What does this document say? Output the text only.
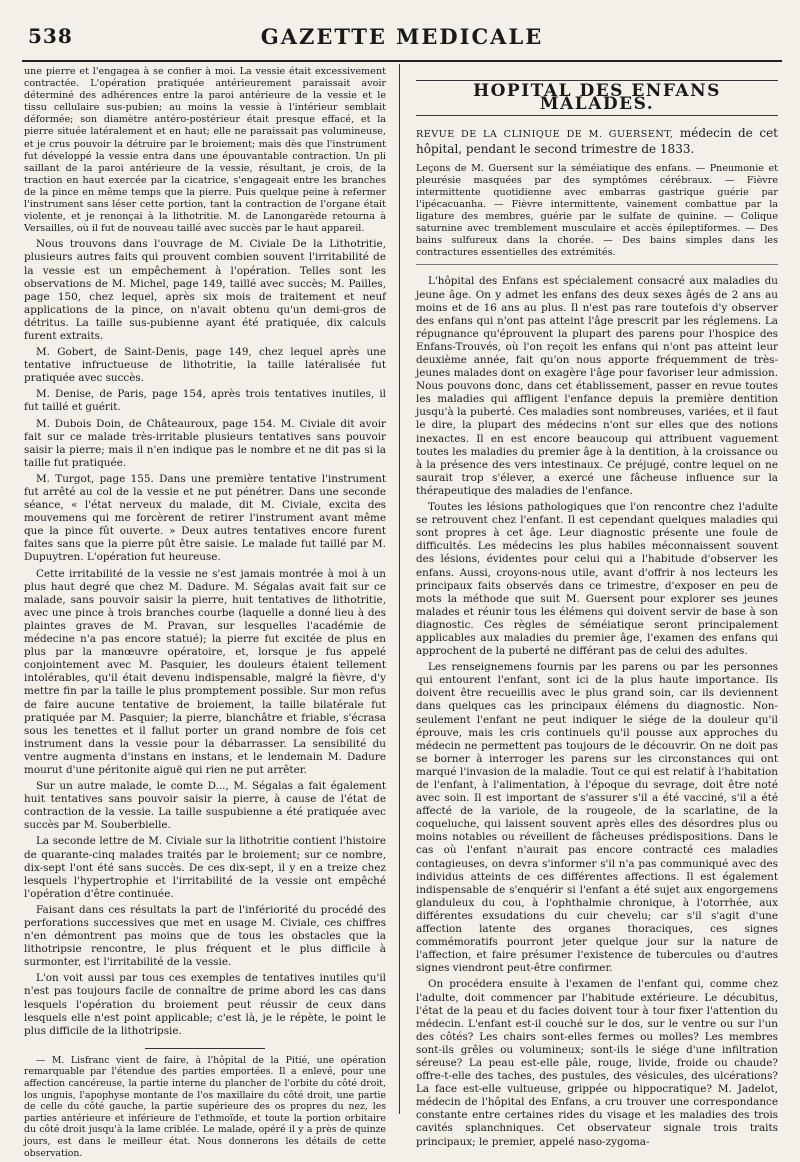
538	GAZETTE MEDICALE

une pierre et l'engagea à se confier à moi. La vessie était excessivement contractée. L'opération pratiquée antérieurement paraissait avoir déterminé des adhérences entre la paroi antérieure de la vessie et le tissu cellulaire sus-pubien; au moins la vessie à l'intérieur semblait déformée; son diamètre antéro-postérieur était presque effacé, et la pierre située latéralement et en haut; elle ne paraissait pas volumineuse, et je crus pouvoir la détruire par le broiement; mais dès que l'instrument fut développé la vessie entra dans une épouvantable contraction. Un pli saillant de la paroi antérieure de la vessie, résultant, je crois, de la traction en haut exercée par la cicatrice, s'engageait entre les branches de la pince en même temps que la pierre. Puis quelque peine à refermer l'instrument sans léser cette portion, tant la contraction de l'organe était violente, et je renonçai à la lithotritie. M. de Lanongarède retourna à Versailles, où il fut de nouveau taillé avec succès par le haut appareil.

Nous trouvons dans l'ouvrage de M. Civiale De la Lithotritie, plusieurs autres faits qui prouvent combien souvent l'irritabilité de la vessie est un empêchement à l'opération. Telles sont les observations de M. Michel, page 149, taillé avec succès; M. Pailles, page 150, chez lequel, après six mois de traitement et neuf applications de la pince, on n'avait obtenu qu'un demi-gros de détritus. La taille sus-pubienne ayant été pratiquée, dix calculs furent extraits.

M. Gobert, de Saint-Denis, page 149, chez lequel après une tentative infructueuse de lithotritie, la taille latéralisée fut pratiquée avec succès.

M. Denise, de Paris, page 154, après trois tentatives inutiles, il fut taillé et guérit.

M. Dubois Doin, de Châteauroux, page 154. M. Civiale dit avoir fait sur ce malade très-irritable plusieurs tentatives sans pouvoir saisir la pierre; mais il n'en indique pas le nombre et ne dit pas si la taille fut pratiquée.

M. Turgot, page 155. Dans une première tentative l'instrument fut arrêté au col de la vessie et ne put pénétrer. Dans une seconde séance, « l'état nerveux du malade, dit M. Civiale, excita des mouvemens qui me forcèrent de retirer l'instrument avant même que la pince fût ouverte. » Deux autres tentatives encore furent faites sans que la pierre pût être saisie. Le malade fut taillé par M. Dupuytren. L'opération fut heureuse.

Cette irritabilité de la vessie ne s'est jamais montrée à moi à un plus haut degré que chez M. Dadure. M. Ségalas avait fait sur ce malade, sans pouvoir saisir la pierre, huit tentatives de lithotritie, avec une pince à trois branches courbe (laquelle a donné lieu à des plaintes graves de M. Pravan, sur lesquelles l'académie de médecine n'a pas encore statué); la pierre fut excitée de plus en plus par la manœuvre opératoire, et, lorsque je fus appelé conjointement avec M. Pasquier, les douleurs étaient tellement intolérables, qu'il était devenu indispensable, malgré la fièvre, d'y mettre fin par la taille le plus promptement possible. Sur mon refus de faire aucune tentative de broiement, la taille bilatérale fut pratiquée par M. Pasquier; la pierre, blanchâtre et friable, s'écrasa sous les tenettes et il fallut porter un grand nombre de fois cet instrument dans la vessie pour la débarrasser. La sensibilité du ventre augmenta d'instans en instans, et le lendemain M. Dadure mourut d'une péritonite aiguë qui rien ne put arrêter.

Sur un autre malade, le comte D..., M. Ségalas a fait également huit tentatives sans pouvoir saisir la pierre, à cause de l'état de contraction de la vessie. La taille suspubienne a été pratiquée avec succès par M. Souberbielle.

La seconde lettre de M. Civiale sur la lithotritie contient l'histoire de quarante-cinq malades traités par le broiement; sur ce nombre, dix-sept l'ont été sans succès. De ces dix-sept, il y en a treize chez lesquels l'hypertrophie et l'irritabilité de la vessie ont empêché l'opération d'être continuée.

Faisant dans ces résultats la part de l'infériorité du procédé des perforations successives que met en usage M. Civiale, ces chiffres n'en démontrent pas moins que de tous les obstacles que la lithotripsie rencontre, le plus fréquent et le plus difficile à surmonter, est l'irritabilité de la vessie.

L'on voit aussi par tous ces exemples de tentatives inutiles qu'il n'est pas toujours facile de connaître de prime abord les cas dans lesquels l'opération du broiement peut réussir de ceux dans lesquels elle n'est point applicable; c'est là, je le répète, le point le plus difficile de la lithotripsie.

— M. Lisfranc vient de faire, à l'hôpital de la Pitié, une opération remarquable par l'étendue des parties emportées. Il a enlevé, pour une affection cancéreuse, la partie interne du plancher de l'orbite du côté droit, los unguis, l'apophyse montante de l'os maxillaire du côté droit, une partie de celle du côté gauche, la partie supérieure des os propres du nez, les parties antérieure et inférieure de l'ethmoïde, et toute la portion orbitaire du côté droit jusqu'à la lame criblée. Le malade, opéré il y a près de quinze jours, est dans le meilleur état. Nous donnerons les détails de cette observation.

HOPITAL DES ENFANS MALADES.

REVUE DE LA CLINIQUE DE M. GUERSENT, médecin de cet hôpital, pendant le second trimestre de 1833.

Leçons de M. Guersent sur la séméiatique des enfans. — Pneumonie et pleurésie masquées par des symptômes cérébraux. — Fièvre intermittente quotidienne avec embarras gastrique guérie par l'ipécacuanha. — Fièvre intermittente, vainement combattue par la ligature des membres, guérie par le sulfate de quinine. — Colique saturnine avec tremblement musculaire et accès épileptiformes. — Des bains sulfureux dans la chorée. — Des bains simples dans les contractures essentielles des extrémités.

L'hôpital des Enfans est spécialement consacré aux maladies du jeune âge. On y admet les enfans des deux sexes âgés de 2 ans au moins et de 16 ans au plus. Il n'est pas rare toutefois d'y observer des enfans qui n'ont pas atteint l'âge prescrit par les réglemens. La répugnance qu'éprouvent la plupart des parens pour l'hospice des Enfans-Trouvés, où l'on reçoit les enfans qui n'ont pas atteint leur deuxième année, fait qu'on nous apporte fréquemment de très-jeunes malades dont on exagère l'âge pour favoriser leur admission. Nous pouvons donc, dans cet établissement, passer en revue toutes les maladies qui affligent l'enfance depuis la première dentition jusqu'à la puberté. Ces maladies sont nombreuses, variées, et il faut le dire, la plupart des médecins n'ont sur elles que des notions inexactes. Il en est encore beaucoup qui attribuent vaguement toutes les maladies du premier âge à la dentition, à la croissance ou à la présence des vers intestinaux. Ce préjugé, contre lequel on ne saurait trop s'élever, a exercé une fâcheuse influence sur la thérapeutique des maladies de l'enfance.

Toutes les lésions pathologiques que l'on rencontre chez l'adulte se retrouvent chez l'enfant. Il est cependant quelques maladies qui sont propres à cet âge. Leur diagnostic présente une foule de difficultés. Les médecins les plus habiles méconnaissent souvent des lésions, évidentes pour celui qui a l'habitude d'observer les enfans. Aussi, croyons-nous utile, avant d'offrir à nos lecteurs les principaux faits observés dans ce trimestre, d'exposer en peu de mots la méthode que suit M. Guersent pour explorer ses jeunes malades et réunir tous les élémens qui doivent servir de base à son diagnostic. Ces règles de séméiatique seront principalement applicables aux maladies du premier âge, l'examen des enfans qui approchent de la puberté ne différant pas de celui des adultes.

Les renseignemens fournis par les parens ou par les personnes qui entourent l'enfant, sont ici de la plus haute importance. Ils doivent être recueillis avec le plus grand soin, car ils deviennent dans quelques cas les principaux élémens du diagnostic. Non-seulement l'enfant ne peut indiquer le siége de la douleur qu'il éprouve, mais les cris continuels qu'il pousse aux approches du médecin ne permettent pas toujours de le découvrir. On ne doit pas se borner à interroger les parens sur les circonstances qui ont marqué l'invasion de la maladie. Tout ce qui est relatif à l'habitation de l'enfant, à l'alimentation, à l'époque du sevrage, doit être noté avec soin. Il est important de s'assurer s'il a été vacciné, s'il a été affecté de la variole, de la rougeole, de la scarlatine, de la coqueluche, qui laissent souvent après elles des désordres plus ou moins notables ou réveillent de fâcheuses prédispositions. Dans le cas où l'enfant n'aurait pas encore contracté ces maladies contagieuses, on devra s'informer s'il n'a pas communiqué avec des individus atteints de ces différentes affections. Il est également indispensable de s'enquérir si l'enfant a été sujet aux engorgemens glanduleux du cou, à l'ophthalmie chronique, à l'otorrhée, aux différentes exsudations du cuir chevelu; car s'il s'agit d'une affection latente des organes thoraciques, ces signes commémoratifs pourront jeter quelque jour sur la nature de l'affection, et faire présumer l'existence de tubercules ou d'autres signes viendront peut-être confirmer.

On procédera ensuite à l'examen de l'enfant qui, comme chez l'adulte, doit commencer par l'habitude extérieure. Le décubitus, l'état de la peau et du facies doivent tour à tour fixer l'attention du médecin. L'enfant est-il couché sur le dos, sur le ventre ou sur l'un des côtés? Les chairs sont-elles fermes ou molles? Les membres sont-ils grêles ou volumineux; sont-ils le siége d'une infiltration séreuse? La peau est-elle pâle, rouge, livide, froide ou chaude? offre-t-elle des taches, des pustules, des vésicules, des ulcérations? La face est-elle vultueuse, grippée ou hippocratique? M. Jadelot, médecin de l'hôpital des Enfans, a cru trouver une correspondance constante entre certaines rides du visage et les maladies des trois cavités splanchniques. Cet observateur signale trois traits principaux; le premier, appelé naso-zygoma-
